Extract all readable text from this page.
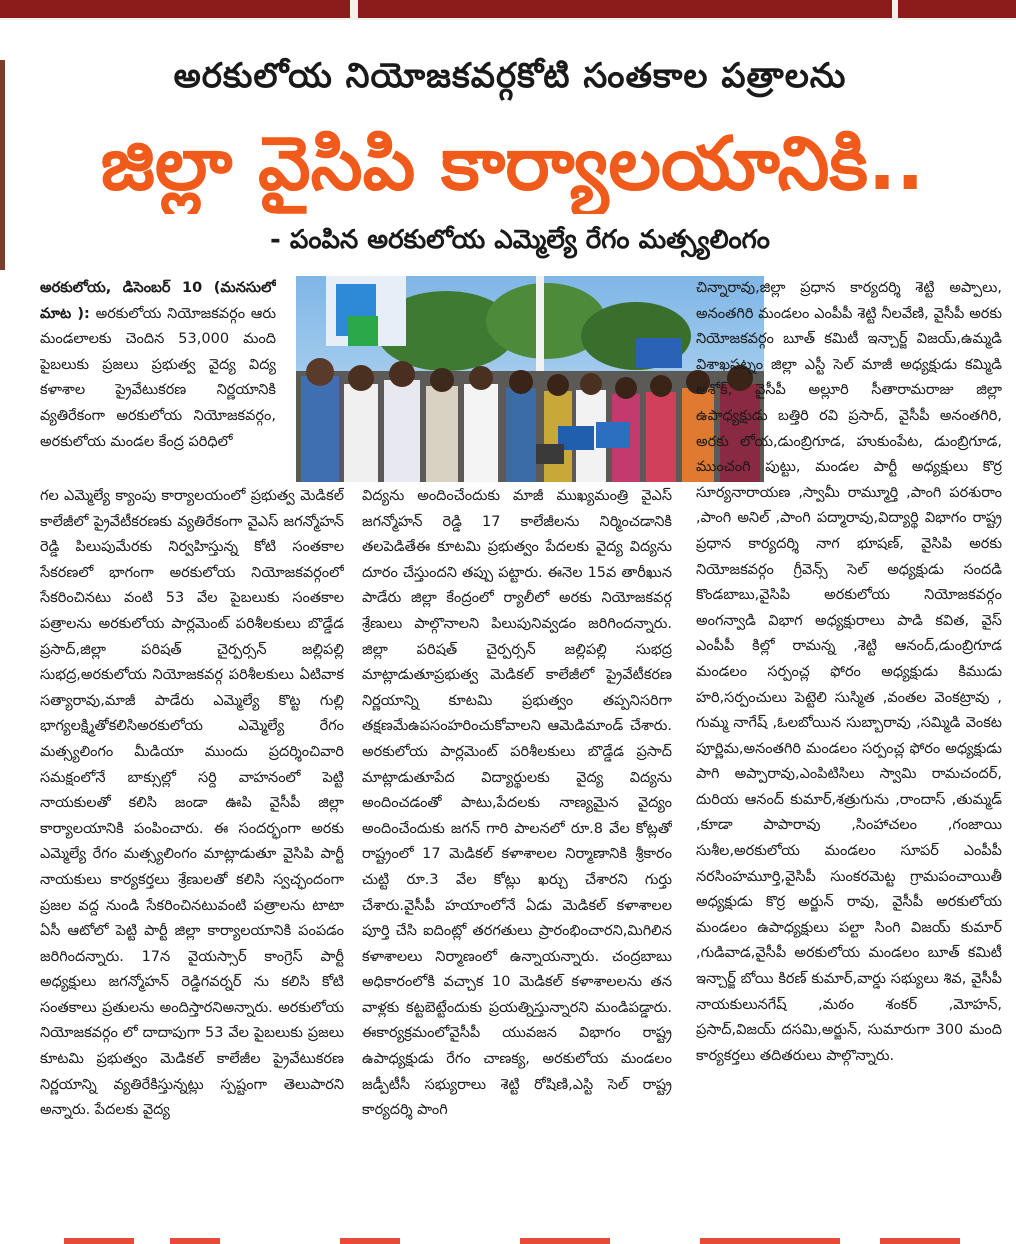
అరకులోయ నియోజకవర్గకోటి సంతకాల పత్రాలను
జిల్లా వైసిపి కార్యాలయానికి..
- పంపిన అరకులోయ ఎమ్మెల్యే రేగం మత్స్యలింగం
అరకులోయ, డిసెంబర్ 10 (మనసులో మాట ): అరకులోయ నియోజకవర్గం ఆరు మండలాలకు చెందిన 53,000 మంది పైబలుకు ప్రజలు ప్రభుత్వ వైద్య విద్య కళాశాల ప్రైవేటుకరణ నిర్ణయానికి వ్యతిరేకంగా అరకులోయ నియోజకవర్గం, అరకులోయ మండల కేంద్ర పరిధిలో
గల ఎమ్మెల్యే క్యాంపు కార్యాలయంలో ప్రభుత్వ మెడికల్ కాలేజీలో ప్రైవేటీకరణకు వ్యతిరేకంగా వైఎస్ జగన్మోహన్ రెడ్డి పిలుపుమేరకు నిర్వహిస్తున్న కోటి సంతకాల సేకరణలో భాగంగా అరకులోయ నియోజకవర్గంలో సేకరించినటు వంటి 53 వేల పైబలుకు సంతకాల పత్రాలను అరకులోయ పార్లమెంట్ పరిశీలకులు బొడ్డేడ ప్రసాద్,జిల్లా పరిషత్ చైర్పర్సన్ జల్లిపల్లి సుభద్ర,అరకులోయ నియోజకవర్గ పరిశీలకులు ఏటివాక సత్యారావు,మాజీ పాడేరు ఎమ్మెల్యే కొట్ట గుల్లి భాగ్యలక్ష్మితోకలిసిఅరకులోయ ఎమ్మెల్యే రేగం మత్స్యలింగం మీడియా ముందు ప్రదర్శించివారి సమక్షంలోనే బాక్సుల్లో సర్ది వాహనంలో పెట్టి నాయకులతో కలిసి జండా ఊపి వైసీపీ జిల్లా కార్యాలయానికి పంపించారు. ఈ సందర్భంగా అరకు ఎమ్మెల్యే రేగం మత్స్యలింగం మాట్లాడుతూ వైసిపి పార్టీ నాయకులు కార్యకర్తలు శ్రేణులతో కలిసి స్వచ్ఛందంగా ప్రజల వద్ద నుండి సేకరించినటువంటి పత్రాలను టాటా ఏసీ ఆటోలో పెట్టి పార్టీ జిల్లా కార్యాలయానికి పంపడం జరిగిందన్నారు. 17న వైయస్సార్ కాంగ్రెస్ పార్టీ అధ్యక్షులు జగన్మోహన్ రెడ్డిగవర్నర్ ను కలిసి కోటి సంతకాలు ప్రతులను అందిస్తారనిఅన్నారు. అరకులోయ నియోజకవర్గం లో దాదాపుగా 53 వేల పైబలుకు ప్రజలు కూటమి ప్రభుత్వం మెడికల్ కాలేజీల ప్రైవేటుకరణ నిర్ణయాన్ని వ్యతిరేకిస్తున్నట్లు స్పష్టంగా తెలుపారని అన్నారు. పేదలకు వైద్య
విద్యను అందించేందుకు మాజీ ముఖ్యమంత్రి వైఎస్ జగన్మోహన్ రెడ్డి 17 కాలేజీలను నిర్మించడానికి తలపెడితేఈ కూటమి ప్రభుత్వం పేదలకు వైద్య విద్యను దూరం చేస్తుందని తప్పు పట్టారు. ఈనెల 15వ తారీఖున పాడేరు జిల్లా కేంద్రంలో ర్యాలీలో అరకు నియోజకవర్గ శ్రేణులు పాల్గొనాలని పిలుపునివ్వడం జరిగిందన్నారు. జిల్లా పరిషత్ చైర్పర్సన్ జల్లిపల్లి సుభద్ర మాట్లాడుతూప్రభుత్వ మెడికల్ కాలేజీలో ప్రైవేటీకరణ నిర్ణయాన్ని కూటమి ప్రభుత్వం తప్పనిసరిగా తక్షణమేఉపసంహరించుకోవాలని ఆమెడిమాండ్ చేశారు. అరకులోయ పార్లమెంట్ పరిశీలకులు బొడ్డేడ ప్రసాద్ మాట్లాడుతూపేద విద్యార్థులకు వైద్య విద్యను అందించడంతో పాటు,పేదలకు నాణ్యమైన వైద్యం అందించేందుకు జగన్ గారి పాలనలో రూ.8 వేల కోట్లతో రాష్ట్రంలో 17 మెడికల్ కళాశాలల నిర్మాణానికి శ్రీకారం చుట్టి రూ.3 వేల కోట్లు ఖర్చు చేశారని గుర్తు చేశారు.వైసీపీ హయాంలోనే ఏడు మెడికల్ కళాశాలల పూర్తి చేసి ఐదింట్లో తరగతులు ప్రారంభించారని,మిగిలిన కళాశాలలు నిర్మాణంలో ఉన్నాయన్నారు. చంద్రబాబు అధికారంలోకి వచ్చాక 10 మెడికల్ కళాశాలలను తన వాళ్లకు కట్టబెట్టేందుకు ప్రయత్నిస్తున్నారని మండిపడ్డారు. ఈకార్యక్రమంలోవైసీపీ యువజన విభాగం రాష్ట్ర ఉపాధ్యక్షుడు రేగం చాణక్య, అరకులోయ మండలం జడ్పీటీసీ సభ్యురాలు శెట్టి రోషిణి,ఎస్టి సెల్ రాష్ట్ర కార్యదర్శి పాంగి
చిన్నారావు,జిల్లా ప్రధాన కార్యదర్శి శెట్టి అప్పాలు, అనంతగిరి మండలం ఎంపీపీ శెట్టి నీలవేణి, వైసీపీ అరకు నియోజకవర్గం బూత్ కమిటీ ఇన్చార్జ్ విజయ్,ఉమ్మడి విశాఖపట్నం జిల్లా ఎస్టీ సెల్ మాజీ అధ్యక్షుడు కమ్మిడి అశోక్, వైసీపీ అల్లూరి సీతారామరాజు జిల్లా ఉపాధ్యక్షుడు బత్తిరి రవి ప్రసాద్, వైసీపీ అనంతగిరి, అరకు లోయ,డుంబ్రిగూడ, హుకుంపేట, డుంబ్రిగూడ, ముంచంగి పుట్టు, మండల పార్టీ అధ్యక్షులు కొర్ర సూర్యనారాయణ ,స్వామీ రామ్మూర్తి ,పాంగి పరశురాం ,పాంగి అనిల్ ,పాంగి పద్మారావు,విద్యార్థి విభాగం రాష్ట్ర ప్రధాన కార్యదర్శి నాగ భూషణ్, వైసిపి అరకు నియోజకవర్గం గ్రీవెన్స్ సెల్ అధ్యక్షుడు సందడి కొండబాబు,వైసిపి అరకులోయ నియోజకవర్గం అంగన్వాడి విభాగ అధ్యక్షురాలు పాడి కవిత, వైస్ ఎంపీపీ కిల్లో రామన్న ,శెట్టి ఆనంద్,డుంబ్రిగూడ మండలం సర్పంచ్ల ఫోరం అధ్యక్షుడు కిముడు హరి,సర్పంచులు పెట్టెలి సుస్మిత ,వంతల వెంకట్రావు , గుమ్మ నాగేష్ ,ఓలబోయిన సుబ్బారావు ,సమ్మిడి వెంకట పూర్ణిమ,అనంతగిరి మండలం సర్పంచ్ల ఫోరం అధ్యక్షుడు పాగి అప్పారావు,ఎంపిటిసిలు స్వామి రామచందర్, దురియ ఆనంద్ కుమార్,శత్రుగును ,రాందాస్ ,తుమ్మడ్ ,కూడా పాపారావు ,సింహాచలం ,గంజాయి సుశీల,అరకులోయ మండలం సూపర్ ఎంపీపీ నరసింహమూర్తి,వైసిపీ సుంకరమెట్ట గ్రామపంచాయితీ అధ్యక్షుడు కొర్ర అర్జున్ రావు, వైసీపీ అరకులోయ మండలం ఉపాధ్యక్షులు పల్టా సింగి విజయ్ కుమార్ ,గుడివాడ,వైసీపీ అరకులోయ మండలం బూత్ కమిటీ ఇన్చార్జ్ బోయి కిరణ్ కుమార్,వార్డు సభ్యులు శివ, వైసీపీ నాయకులునగేష్ ,మఠం శంకర్ ,మోహన్, ప్రసాద్,విజయ్ దసమి,అర్జున్, సుమారుగా 300 మంది కార్యకర్తలు తదితరులు పాల్గొన్నారు.
